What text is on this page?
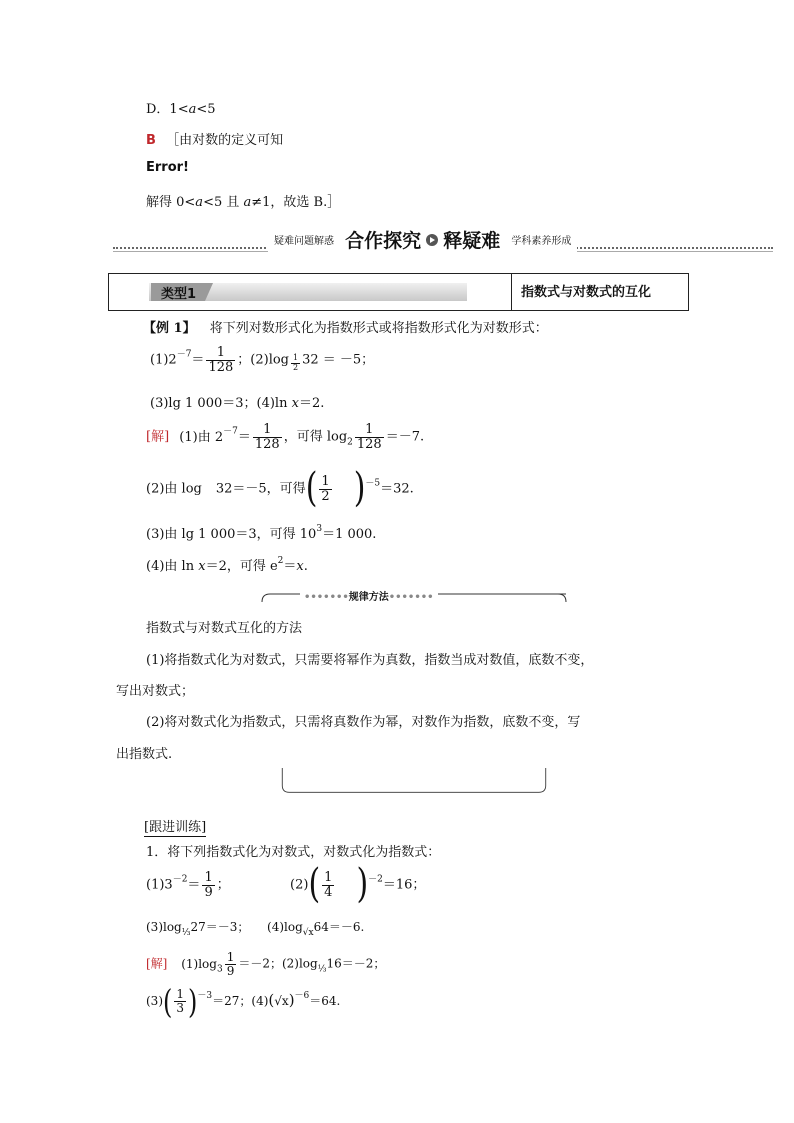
D．1<a<5
B ［由对数的定义可知
Error!
解得 0<a<5 且 a≠1，故选 B.］
疑难问题解惑 合作探究 释疑难 学科素养形成
类型1	指数式与对数式的互化
【例 1】 将下列对数形式化为指数形式或将指数形式化为对数形式：
$(1)2^{-7}= \frac{1}{128}$ ；$(2)\log \frac{1}{2} 32 = -5$；
(3)lg 1 000＝3；(4)ln x＝2.
[解] (1)由 $2^{-7}= \frac{1}{128}$ ，可得 $\log_2 \frac{1}{128} =-7$.
(2)由 log 32＝－5，可得( $\frac{1}{2} )^{-5}=32$.
(3)由 lg 1 000＝3，可得 $10^3=1$ 000.
(4)由 ln x＝2，可得 $e^2=x$.
•••••••规律方法•••••••
指数式与对数式互化的方法
(1)将指数式化为对数式，只需要将幂作为真数，指数当成对数值，底数不变，
写出对数式；
(2)将对数式化为指数式，只需将真数作为幂，对数作为指数，底数不变，写
出指数式.
[跟进训练]
1．将下列指数式化为对数式，对数式化为指数式：
$(1)3^{-2}= \frac{1}{9}$ ；	$(2)( \frac{1}{4} )^{-2}=16$；
$(3)\log_{\frac{1}{3}}27=-3$； $(4)\log_{√x}64=-6$.
[解] $(1)\log_3 \frac{1}{9} =-2$；$(2)\log_{\frac{1}{3}}16=-2$；
$(3)( \frac{1}{3} )^{-3}=27$；$(4)(√x)^{-6}=64$.
